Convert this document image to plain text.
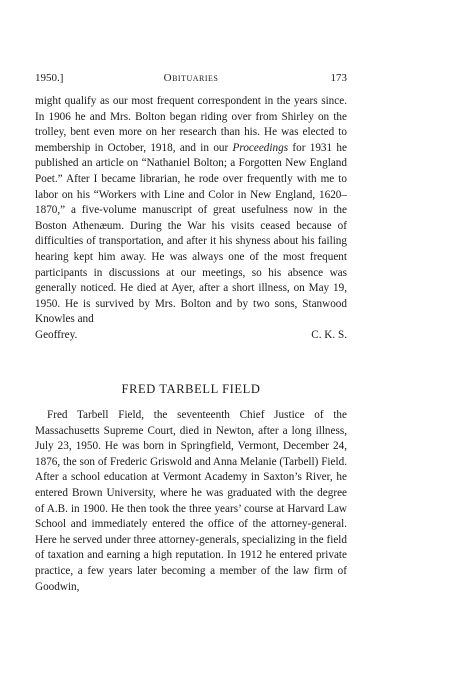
1950.]	Obituaries	173

might qualify as our most frequent correspondent in the years since. In 1906 he and Mrs. Bolton began riding over from Shirley on the trolley, bent even more on her research than his. He was elected to membership in October, 1918, and in our Proceedings for 1931 he published an article on “Nathaniel Bolton; a Forgotten New England Poet.” After I became librarian, he rode over frequently with me to labor on his “Workers with Line and Color in New England, 1620–1870,” a five-volume manuscript of great usefulness now in the Boston Athenæum. During the War his visits ceased because of difficulties of transportation, and after it his shyness about his failing hearing kept him away. He was always one of the most frequent participants in discussions at our meetings, so his absence was generally noticed. He died at Ayer, after a short illness, on May 19, 1950. He is survived by Mrs. Bolton and by two sons, Stanwood Knowles and

Geoffrey.	C. K. S.
FRED TARBELL FIELD

Fred Tarbell Field, the seventeenth Chief Justice of the Massachusetts Supreme Court, died in Newton, after a long illness, July 23, 1950. He was born in Springfield, Vermont, December 24, 1876, the son of Frederic Griswold and Anna Melanie (Tarbell) Field. After a school education at Vermont Academy in Saxton’s River, he entered Brown University, where he was graduated with the degree of A.B. in 1900. He then took the three years’ course at Harvard Law School and immediately entered the office of the attorney-general. Here he served under three attorney-generals, specializing in the field of taxation and earning a high reputation. In 1912 he entered private practice, a few years later becoming a member of the law firm of Goodwin,
